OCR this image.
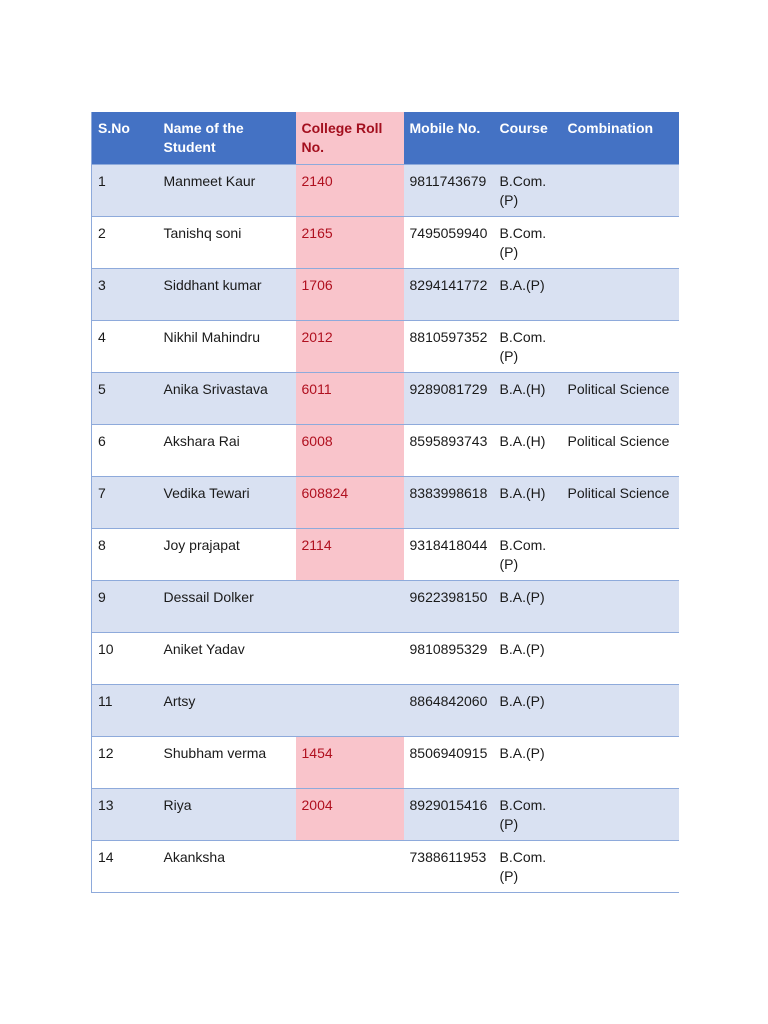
S.No	Name of the Student	College Roll No.	Mobile No.	Course	Combination
1	Manmeet Kaur	2140	9811743679	B.Com.(P)	
2	Tanishq soni	2165	7495059940	B.Com.(P)	
3	Siddhant kumar	1706	8294141772	B.A.(P)	
4	Nikhil Mahindru	2012	8810597352	B.Com.(P)	
5	Anika Srivastava	6011	9289081729	B.A.(H)	Political Science
6	Akshara Rai	6008	8595893743	B.A.(H)	Political Science
7	Vedika Tewari	608824	8383998618	B.A.(H)	Political Science
8	Joy prajapat	2114	9318418044	B.Com.(P)	
9	Dessail Dolker		9622398150	B.A.(P)	
10	Aniket Yadav		9810895329	B.A.(P)	
11	Artsy		8864842060	B.A.(P)	
12	Shubham verma	1454	8506940915	B.A.(P)	
13	Riya	2004	8929015416	B.Com.(P)	
14	Akanksha		7388611953	B.Com.(P)	
